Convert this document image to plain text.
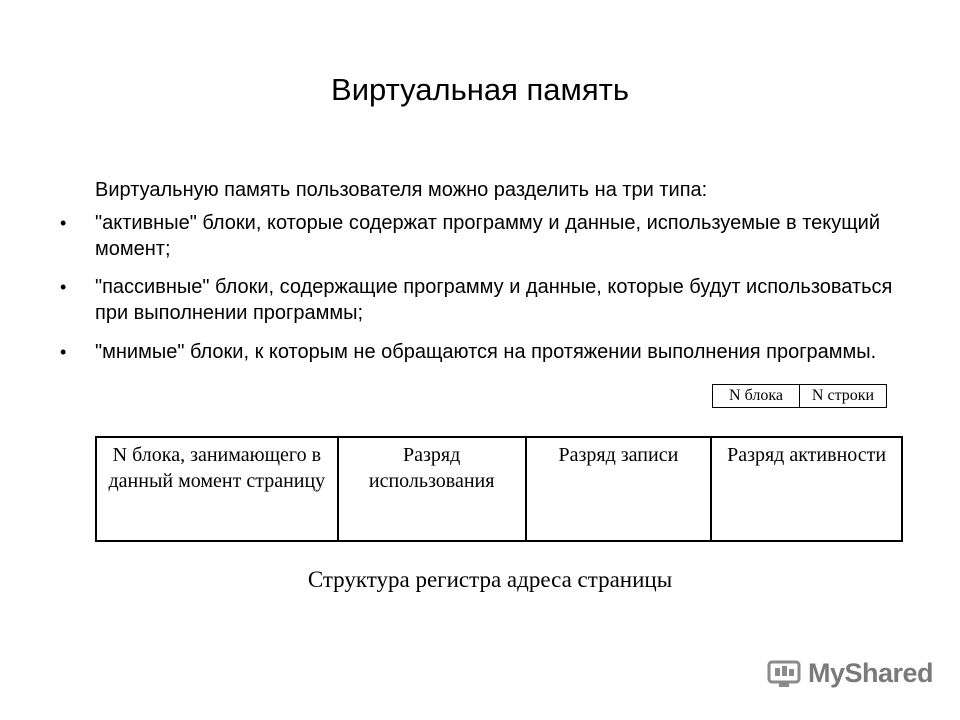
Виртуальная память
Виртуальную память пользователя можно разделить на три типа:
• "активные" блоки, которые содержат программу и данные, используемые в текущий момент;
• "пассивные" блоки, содержащие программу и данные, которые будут использоваться при выполнении программы;
• "мнимые" блоки, к которым не обращаются на протяжении выполнения программы.
N блока	N строки
N блока, занимающего в данный момент страницу	Разряд использования	Разряд записи	Разряд активности
Структура регистра адреса страницы
MyShared
